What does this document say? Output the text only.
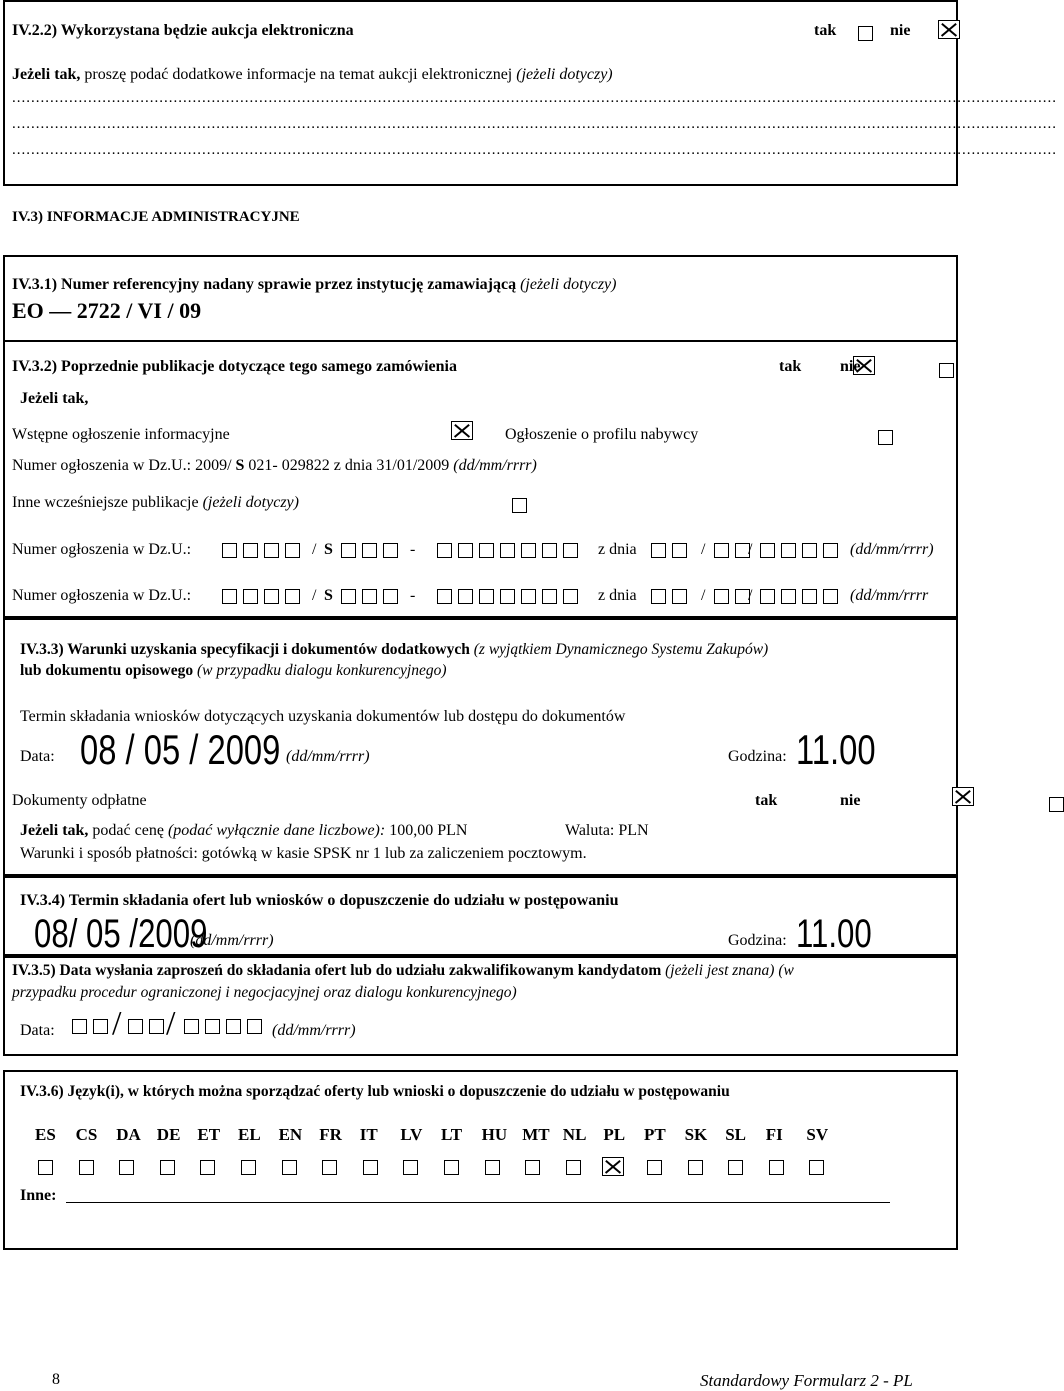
IV.2.2) Wykorzystana będzie aukcja elektroniczna	tak
	nie

Jeżeli tak, proszę podać dodatkowe informacje na temat aukcji elektronicznej (jeżeli dotyczy)
............................................................................................................................................................................................................................
............................................................................................................................................................................................................................
............................................................................................................................................................................................................................
IV.3) INFORMACJE ADMINISTRACYJNE
IV.3.1) Numer referencyjny nadany sprawie przez instytucję zamawiającą (jeżeli dotyczy)
EO — 2722 / VI / 09
IV.3.2) Poprzednie publikacje dotyczące tego samego zamówienia	tak
nie

Jeżeli tak,
Wstępne ogłoszenie informacyjne
	Ogłoszenie o profilu nabywcy

Numer ogłoszenia w Dz.U.: 2009/ S 021- 029822 z dnia 31/01/2009 (dd/mm/rrrr)
Inne wcześniejsze publikacje (jeżeli dotyczy)

Numer ogłoszenia w Dz.U.:	/ S	-	z dnia	/	/	(dd/mm/rrrr)
Numer ogłoszenia w Dz.U.:	/ S	-	z dnia	/	/	(dd/mm/rrrr
IV.3.3) Warunki uzyskania specyfikacji i dokumentów dodatkowych (z wyjątkiem Dynamicznego Systemu Zakupów)
lub dokumentu opisowego (w przypadku dialogu konkurencyjnego)
Termin składania wniosków dotyczących uzyskania dokumentów lub dostępu do dokumentów
Data: 08 / 05 / 2009 (dd/mm/rrrr)	Godzina: 11.00
Dokumenty odpłatne	tak
	nie
Jeżeli tak, podać cenę (podać wyłącznie dane liczbowe): 100,00 PLN	Waluta: PLN
Warunki i sposób płatności: gotówką w kasie SPSK nr 1 lub za zaliczeniem pocztowym.
IV.3.4) Termin składania ofert lub wniosków o dopuszczenie do udziału w postępowaniu
08/ 05 /2009
(dd/mm/rrrr)	Godzina: 11.00
IV.3.5) Data wysłania zaproszeń do składania ofert lub do udziału zakwalifikowanym kandydatom (jeżeli jest znana) (w
przypadku procedur ograniczonej i negocjacyjnej oraz dialogu konkurencyjnego)
Data: / /	(dd/mm/rrrr)
IV.3.6) Język(i), w których można sporządzać oferty lub wnioski o dopuszczenie do udziału w postępowaniu
ES CS DA DE ET EL EN FR IT LV LT HU MT NL PL PT SK SL FI SV
Inne:
8	Standardowy Formularz 2 - PL
